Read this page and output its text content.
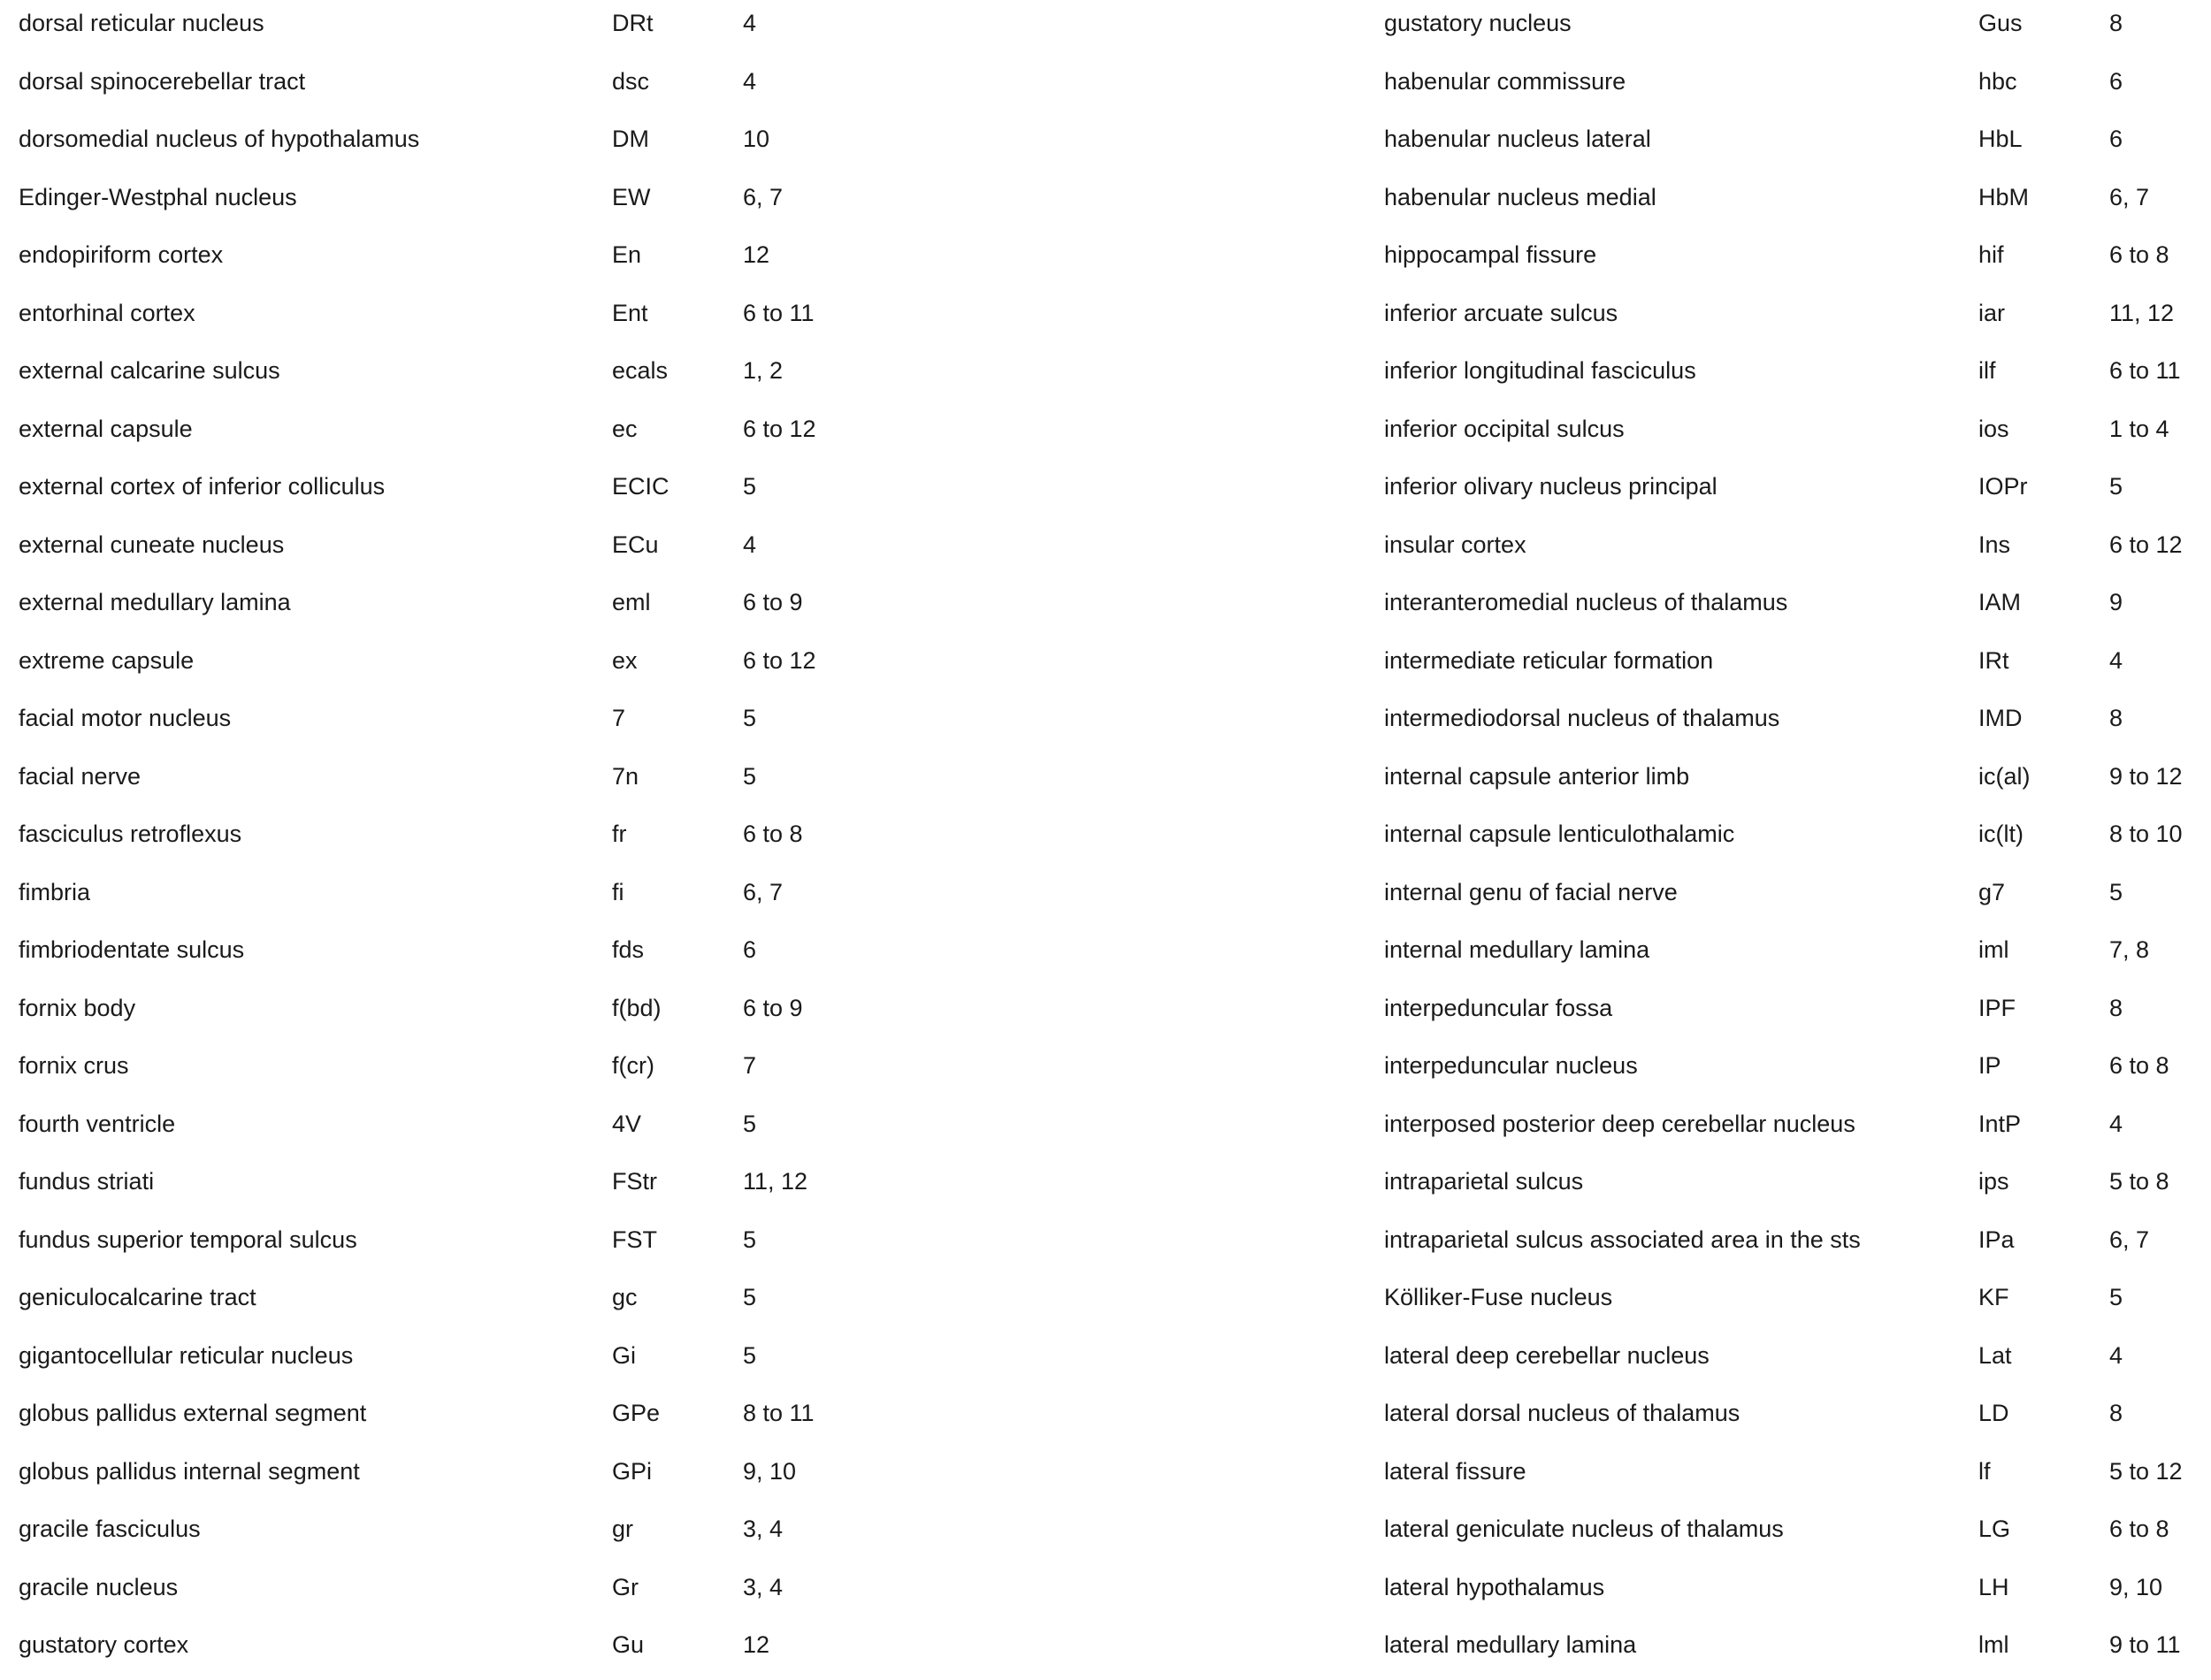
dorsal reticular nucleus	DRt	4
dorsal spinocerebellar tract	dsc	4
dorsomedial nucleus of hypothalamus	DM	10
Edinger-Westphal nucleus	EW	6, 7
endopiriform cortex	En	12
entorhinal cortex	Ent	6 to 11
external calcarine sulcus	ecals	1, 2
external capsule	ec	6 to 12
external cortex of inferior colliculus	ECIC	5
external cuneate nucleus	ECu	4
external medullary lamina	eml	6 to 9
extreme capsule	ex	6 to 12
facial motor nucleus	7	5
facial nerve	7n	5
fasciculus retroflexus	fr	6 to 8
fimbria	fi	6, 7
fimbriodentate sulcus	fds	6
fornix body	f(bd)	6 to 9
fornix crus	f(cr)	7
fourth ventricle	4V	5
fundus striati	FStr	11, 12
fundus superior temporal sulcus	FST	5
geniculocalcarine tract	gc	5
gigantocellular reticular nucleus	Gi	5
globus pallidus external segment	GPe	8 to 11
globus pallidus internal segment	GPi	9, 10
gracile fasciculus	gr	3, 4
gracile nucleus	Gr	3, 4
gustatory cortex	Gu	12
gustatory nucleus	Gus	8
habenular commissure	hbc	6
habenular nucleus lateral	HbL	6
habenular nucleus medial	HbM	6, 7
hippocampal fissure	hif	6 to 8
inferior arcuate sulcus	iar	11, 12
inferior longitudinal fasciculus	ilf	6 to 11
inferior occipital sulcus	ios	1 to 4
inferior olivary nucleus principal	IOPr	5
insular cortex	Ins	6 to 12
interanteromedial nucleus of thalamus	IAM	9
intermediate reticular formation	IRt	4
intermediodorsal nucleus of thalamus	IMD	8
internal capsule anterior limb	ic(al)	9 to 12
internal capsule lenticulothalamic	ic(lt)	8 to 10
internal genu of facial nerve	g7	5
internal medullary lamina	iml	7, 8
interpeduncular fossa	IPF	8
interpeduncular nucleus	IP	6 to 8
interposed posterior deep cerebellar nucleus	IntP	4
intraparietal sulcus	ips	5 to 8
intraparietal sulcus associated area in the sts	IPa	6, 7
Kölliker-Fuse nucleus	KF	5
lateral deep cerebellar nucleus	Lat	4
lateral dorsal nucleus of thalamus	LD	8
lateral fissure	lf	5 to 12
lateral geniculate nucleus of thalamus	LG	6 to 8
lateral hypothalamus	LH	9, 10
lateral medullary lamina	lml	9 to 11
